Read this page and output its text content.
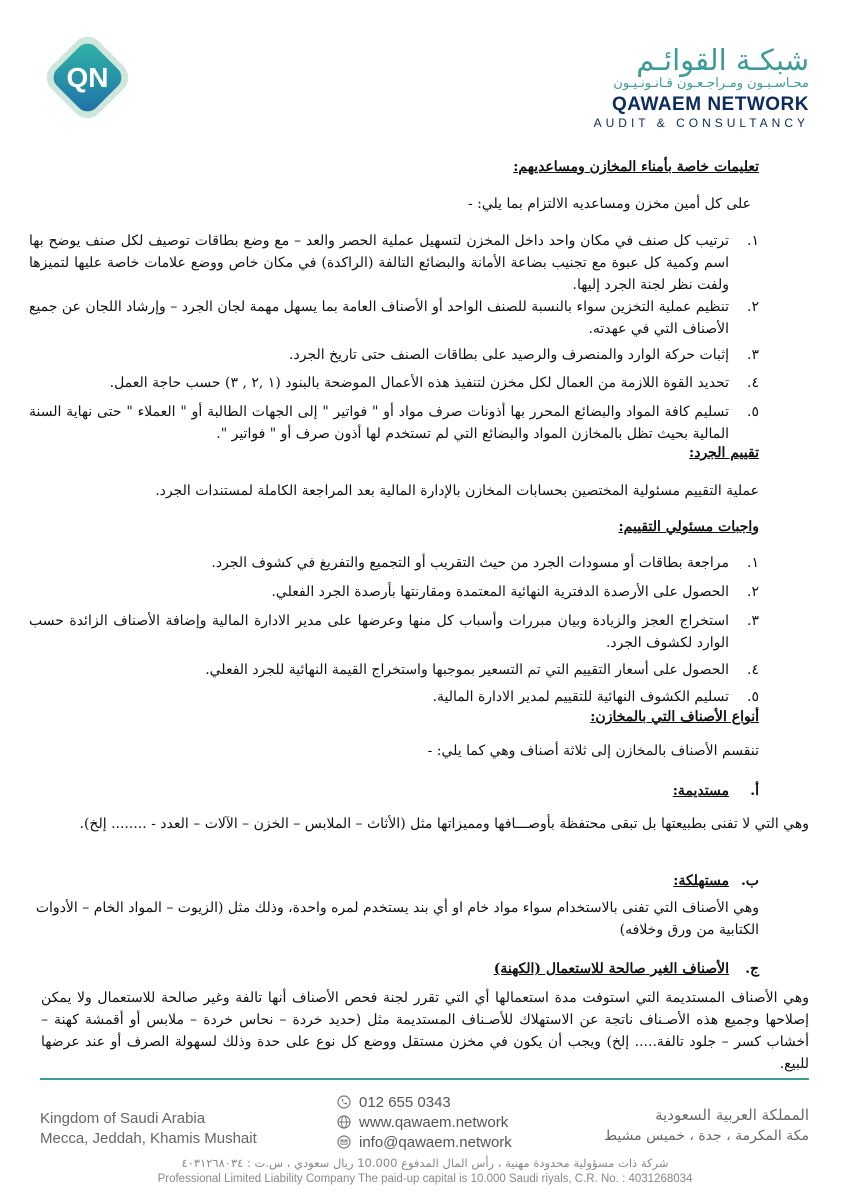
QN
شبكـة القوائـم
محـاسـبـون ومـراجـعـون قـانـونـيـون
QAWAEM NETWORK
AUDIT & CONSULTANCY
تعليمات خاصة بأمناء المخازن ومساعديهم:
على كل أمين مخزن ومساعديه الالتزام بما يلي: -
١.
ترتيب كل صنف في مكان واحد داخل المخزن لتسهيل عملية الحصر والعد – مع وضع بطاقات توصيف لكل صنف يوضح بها اسم وكمية كل عبوة مع تجنيب بضاعة الأمانة والبضائع التالفة (الراكدة) في مكان خاص ووضع علامات خاصة عليها لتميزها ولفت نظر لجنة الجرد إليها.
٢.
تنظيم عملية التخزين سواء بالنسبة للصنف الواحد أو الأصناف العامة بما يسهل مهمة لجان الجرد – وإرشاد اللجان عن جميع الأصناف التي في عهدته.
٣.
إثبات حركة الوارد والمنصرف والرصيد على بطاقات الصنف حتى تاريخ الجرد.
٤.
تحديد القوة اللازمة من العمال لكل مخزن لتنفيذ هذه الأعمال الموضحة بالبنود (١ ,٢ , ٣) حسب حاجة العمل.
٥.
تسليم كافة المواد والبضائع المحرر بها أذونات صرف مواد أو " فواتير " إلى الجهات الطالبة أو " العملاء " حتى نهاية السنة المالية بحيث تظل بالمخازن المواد والبضائع التي لم تستخدم لها أذون صرف أو " فواتير ".
تقييم الجرد:
عملية التقييم مسئولية المختصين بحسابات المخازن بالإدارة المالية بعد المراجعة الكاملة لمستندات الجرد.
واجبات مسئولي التقييم:
١.
مراجعة بطاقات أو مسودات الجرد من حيث التقريب أو التجميع والتفريغ في كشوف الجرد.
٢.
الحصول على الأرصدة الدفترية النهائية المعتمدة ومقارنتها بأرصدة الجرد الفعلي.
٣.
استخراج العجز والزيادة وبيان مبررات وأسباب كل منها وعرضها على مدير الادارة المالية وإضافة الأصناف الزائدة حسب الوارد لكشوف الجرد.
٤.
الحصول على أسعار التقييم التي تم التسعير بموجبها واستخراج القيمة النهائية للجرد الفعلي.
٥.
تسليم الكشوف النهائية للتقييم لمدير الادارة المالية.
أنواع الأصناف التي بالمخازن:
تنقسم الأصناف بالمخازن إلى ثلاثة أصناف وهي كما يلي: -
أ.
مستديمة:
وهي التي لا تفنى بطبيعتها بل تبقى محتفظة بأوصـــافها ومميزاتها مثل (الأثاث – الملابس – الخزن – الآلات – العدد - ........ إلخ).
ب.
مستهلكة:
وهي الأصناف التي تفنى بالاستخدام سواء مواد خام او أي بند يستخدم لمره واحدة، وذلك مثل (الزيوت – المواد الخام – الأدوات الكتابية من ورق وخلافه)
ج.
الأصناف الغير صالحة للاستعمال (الكهنة)
وهي الأصناف المستديمة التي استوفت مدة استعمالها أي التي تقرر لجنة فحص الأصناف أنها تالفة وغير صالحة للاستعمال ولا يمكن إصلاحها وجميع هذه الأصـناف ناتجة عن الاستهلاك للأصـناف المستديمة مثل (حديد خردة – نحاس خردة – ملابس أو أقمشة كهنة – أخشاب كسر – جلود تالفة..... إلخ) ويجب أن يكون في مخزن مستقل ووضع كل نوع على حدة وذلك لسهولة الصرف أو عند عرضها للبيع.
Kingdom of Saudi Arabia
Mecca, Jeddah, Khamis Mushait
012 655 0343
www.qawaem.network
info@qawaem.network
المملكة العربية السعودية
مكة المكرمة ، جدة ، خميس مشيط
شركة ذات مسؤولية محدودة مهنية ، رأس المال المدفوع 10.000 ريال سعودي ، س.ت : ٤٠٣١٢٦٨٠٣٤
Professional Limited Liability Company The paid-up capital is 10.000 Saudi riyals, C.R. No. : 4031268034
